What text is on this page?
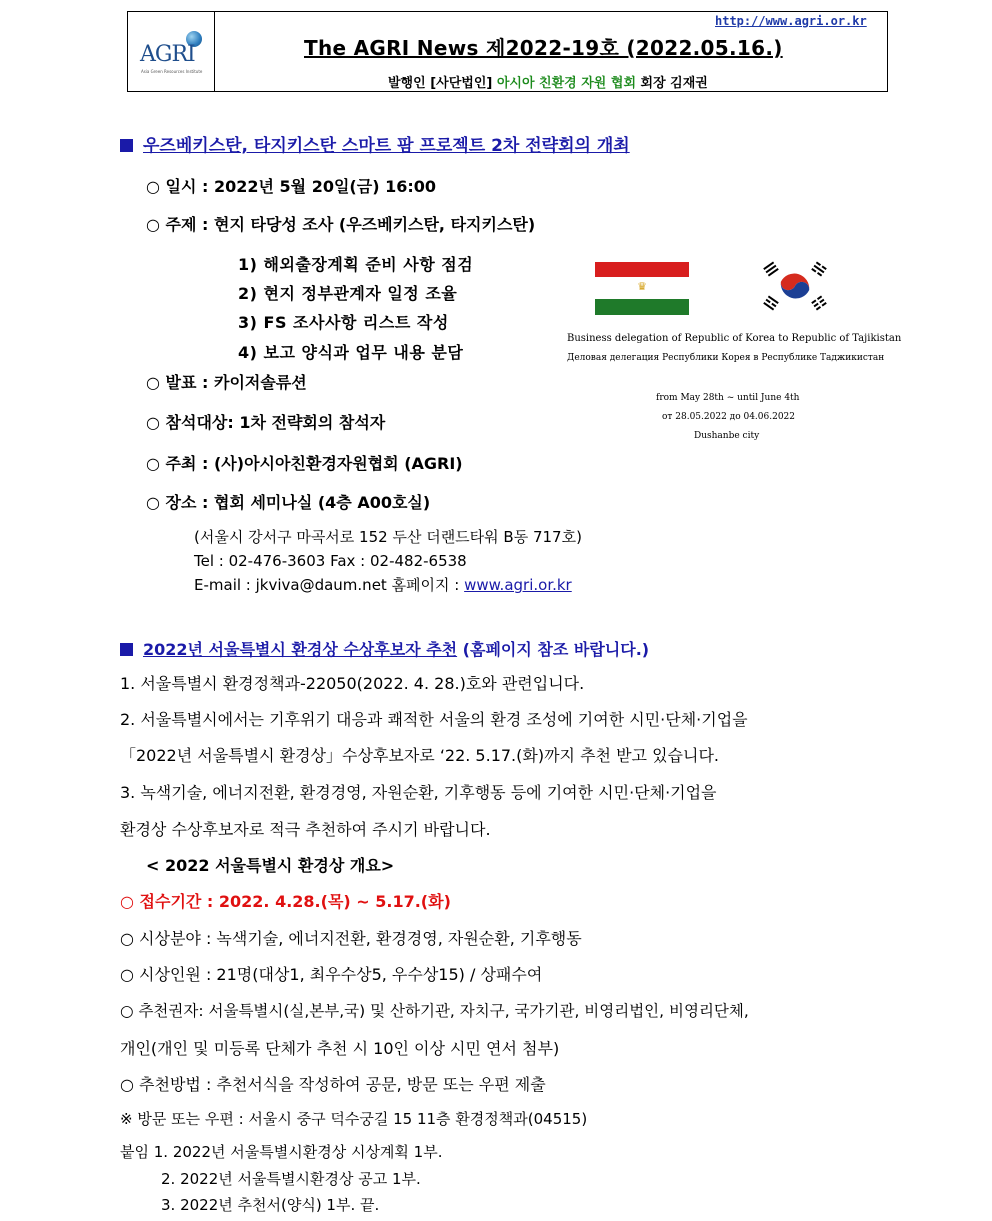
AGRI
Asia Green Resources Institute
http://www.agri.or.kr
The AGRI News 제2022-19호 (2022.05.16.)
발행인 [사단법인] 아시아 친환경 자원 협회 회장 김재권
우즈베키스탄, 타지키스탄 스마트 팜 프로젝트 2차 전략회의 개최
○ 일시 : 2022년 5월 20일(금) 16:00
○ 주제 : 현지 타당성 조사 (우즈베키스탄, 타지키스탄)
1) 해외출장계획 준비 사항 점검
2) 현지 정부관계자 일정 조율
3) FS 조사사항 리스트 작성
4) 보고 양식과 업무 내용 분담
○ 발표 : 카이저솔류션
○ 참석대상: 1차 전략회의 참석자
○ 주최 : (사)아시아친환경자원협회 (AGRI)
○ 장소 : 협회 세미나실 (4층 A00호실)
(서울시 강서구 마곡서로 152 두산 더랜드타워 B동 717호)
Tel : 02-476-3603 Fax : 02-482-6538
E-mail : jkviva@daum.net 홈페이지 : www.agri.or.kr
♛
Business delegation of Republic of Korea to Republic of Tajikistan
Деловая делегация Республики Корея в Республике Таджикистан
from May 28th ~ until June 4th
от 28.05.2022 до 04.06.2022
Dushanbe city
2022년 서울특별시 환경상 수상후보자 추천 (홈페이지 참조 바랍니다.)
1. 서울특별시 환경정책과-22050(2022. 4. 28.)호와 관련입니다.
2. 서울특별시에서는 기후위기 대응과 쾌적한 서울의 환경 조성에 기여한 시민·단체·기업을
「2022년 서울특별시 환경상」수상후보자로 ‘22. 5.17.(화)까지 추천 받고 있습니다.
3. 녹색기술, 에너지전환, 환경경영, 자원순환, 기후행동 등에 기여한 시민·단체·기업을
환경상 수상후보자로 적극 추천하여 주시기 바랍니다.
< 2022 서울특별시 환경상 개요>
○ 접수기간 : 2022. 4.28.(목) ~ 5.17.(화)
○ 시상분야 : 녹색기술, 에너지전환, 환경경영, 자원순환, 기후행동
○ 시상인원 : 21명(대상1, 최우수상5, 우수상15) / 상패수여
○ 추천권자: 서울특별시(실,본부,국) 및 산하기관, 자치구, 국가기관, 비영리법인, 비영리단체,
개인(개인 및 미등록 단체가 추천 시 10인 이상 시민 연서 첨부)
○ 추천방법 : 추천서식을 작성하여 공문, 방문 또는 우편 제출
※ 방문 또는 우편 : 서울시 중구 덕수궁길 15 11층 환경정책과(04515)
붙임 1. 2022년 서울특별시환경상 시상계획 1부.
2. 2022년 서울특별시환경상 공고 1부.
3. 2022년 추천서(양식) 1부. 끝.
